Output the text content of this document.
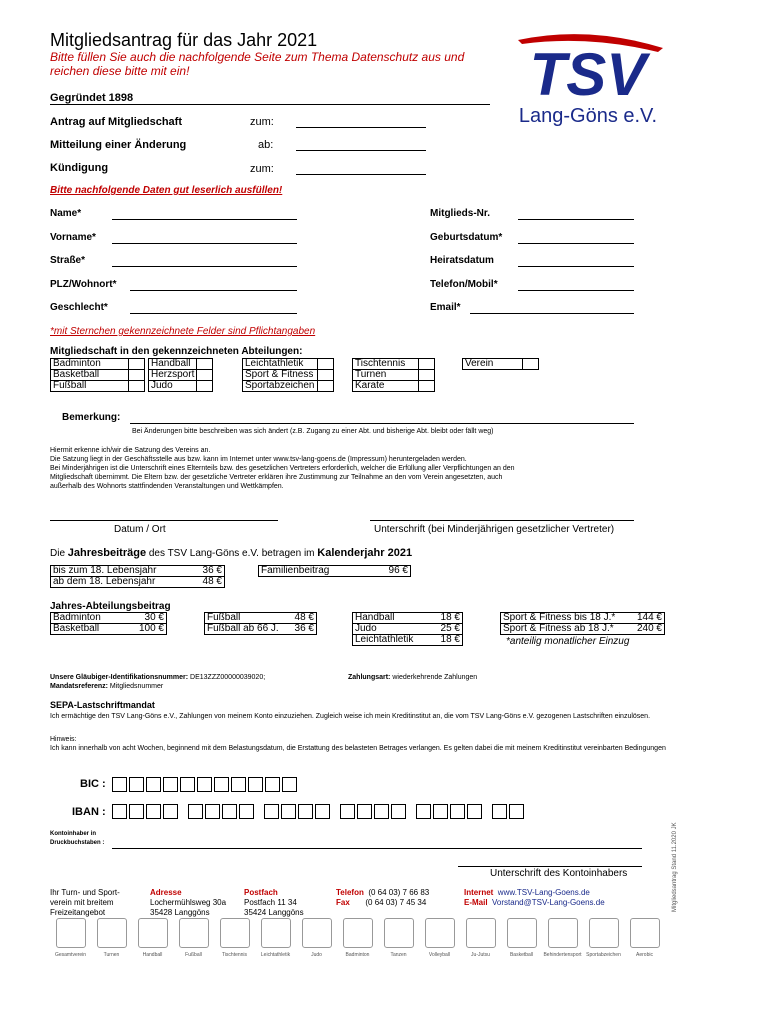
Mitgliedsantrag für das Jahr 2021
Bitte füllen Sie auch die nachfolgende Seite zum Thema Datenschutz aus und reichen diese bitte mit ein!	TSV
Lang-Göns e.V.
Gegründet 1898
Antrag auf Mitgliedschaft	zum:
Mitteilung einer Änderung	ab:
Kündigung	zum:
Bitte nachfolgende Daten gut leserlich ausfüllen!
Name*
Vorname*
Straße*
PLZ/Wohnort*
Geschlecht*
Mitglieds-Nr.
Geburtsdatum*
Heiratsdatum
Telefon/Mobil*
Email*
*mit Sternchen gekennzeichnete Felder sind Pflichtangaben
Mitgliedschaft in den gekennzeichneten Abteilungen:
Badminton	
Basketball	
Fußball	
Handball	
Herzsport	
Judo	
Leichtathletik	
Sport & Fitness	
Sportabzeichen	
Tischtennis	
Turnen	
Karate	
Verein	
Bemerkung:
Bei Änderungen bitte beschreiben was sich ändert (z.B. Zugang zu einer Abt. und bisherige Abt. bleibt oder fällt weg)
Hiermit erkenne ich/wir die Satzung des Vereins an.
Die Satzung liegt in der Geschäftsstelle aus bzw. kann im Internet unter www.tsv-lang-goens.de (Impressum) heruntergeladen werden.
Bei Minderjährigen ist die Unterschrift eines Elternteils bzw. des gesetzlichen Vertreters erforderlich, welcher die Erfüllung aller Verpflichtungen an den
Mitgliedschaft übernimmt. Die Eltern bzw. der gesetzliche Vertreter erklären ihre Zustimmung zur Teilnahme an den vom Verein angesetzten, auch
außerhalb des Wohnorts stattfindenden Veranstaltungen und Wettkämpfen.
Datum / Ort	Unterschrift (bei Minderjährigen gesetzlicher Vertreter)
Die Jahresbeiträge des TSV Lang-Göns e.V. betragen im Kalenderjahr 2021
bis zum 18. Lebensjahr	36 €
ab dem 18. Lebensjahr	48 €
Familienbeitrag	96 €
Jahres-Abteilungsbeitrag
Badminton	30 €
Basketball	100 €
Fußball	48 €
Fußball ab 66 J.	36 €
Handball	18 €
Judo	25 €
Leichtathletik	18 €
Sport & Fitness bis 18 J.*	144 €
Sport & Fitness ab 18 J.*	240 €
*anteilig monatlicher Einzug
Unsere Gläubiger-Identifikationsnummer: DE13ZZZ00000039020;
Mandatsreferenz: Mitgliedsnummer
Zahlungsart: wiederkehrende Zahlungen
SEPA-Lastschriftmandat
Ich ermächtige den TSV Lang-Göns e.V., Zahlungen von meinem Konto einzuziehen. Zugleich weise ich mein Kreditinstitut an, die vom TSV Lang-Göns e.V. gezogenen Lastschriften einzulösen.
Hinweis:
Ich kann innerhalb von acht Wochen, beginnend mit dem Belastungsdatum, die Erstattung des belasteten Betrages verlangen. Es gelten dabei die mit meinem Kreditinstitut vereinbarten Bedingungen
BIC :
IBAN :
Kontoinhaber in Druckbuchstaben :
Unterschrift des Kontoinhabers
Ihr Turn- und Sport-
verein mit breitem
Freizeitangebot
Adresse
Lochermühlsweg 30a
35428 Langgöns
Postfach
Postfach 11 34
35424 Langgöns
Telefon (0 64 03) 7 66 83
Fax (0 64 03) 7 45 34
Internet www.TSV-Lang-Goens.de
E-Mail Vorstand@TSV-Lang-Goens.de
Gesamtverein	Turnen	Handball	Fußball	Tischtennis	Leichtathletik	Judo	Badminton	Tanzen	Volleyball	Ju-Jutsu	Basketball Behindertensport Sportabzeichen	Aerobic
Mitgliedsantrag Stand 11.2020 JK
